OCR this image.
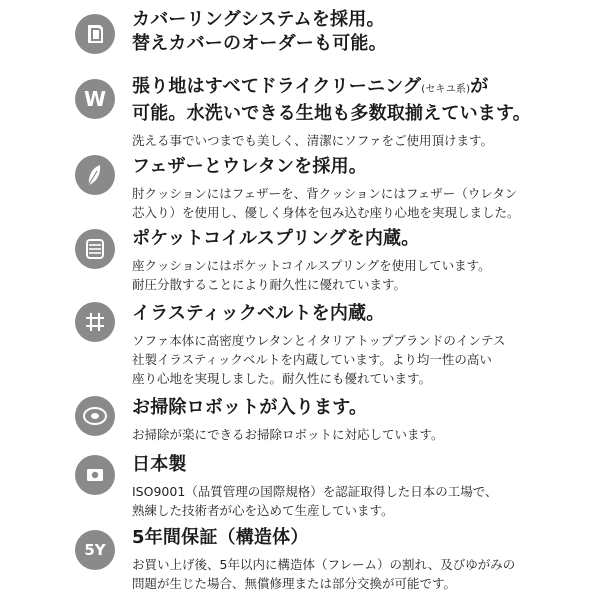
カバーリングシステムを採用。
替えカバーのオーダーも可能。
W
張り地はすべてドライクリーニング(セキユ系)が
可能。水洗いできる生地も多数取揃えています。
洗える事でいつまでも美しく、清潔にソファをご使用頂けます。
フェザーとウレタンを採用。
肘クッションにはフェザーを、背クッションにはフェザー（ウレタン
芯入り）を使用し、優しく身体を包み込む座り心地を実現しました。
ポケットコイルスプリングを内蔵。
座クッションにはポケットコイルスプリングを使用しています。
耐圧分散することにより耐久性に優れています。
イラスティックベルトを内蔵。
ソファ本体に高密度ウレタンとイタリアトップブランドのインテス
社製イラスティックベルトを内蔵しています。より均一性の高い
座り心地を実現しました。耐久性にも優れています。
お掃除ロボットが入ります。
お掃除が楽にできるお掃除ロボットに対応しています。
日本製
ISO9001（品質管理の国際規格）を認証取得した日本の工場で、
熟練した技術者が心を込めて生産しています。
5Y
5年間保証（構造体）
お買い上げ後、5年以内に構造体（フレーム）の割れ、及びゆがみの
問題が生じた場合、無償修理または部分交換が可能です。
